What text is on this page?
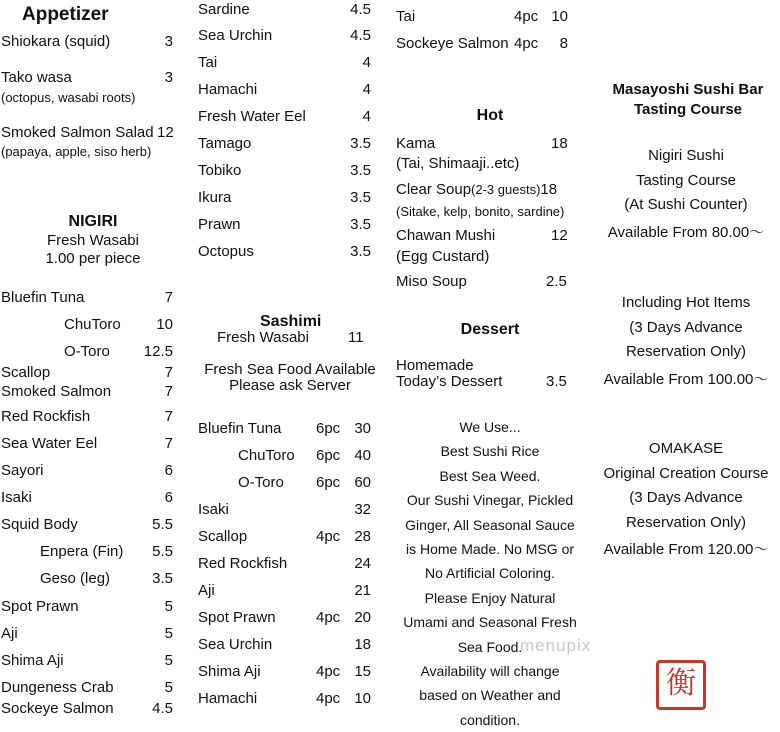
Appetizer
Shiokara (squid)	3
Tako wasa	3
(octopus, wasabi roots)
Smoked Salmon Salad 12
(papaya, apple, siso herb)
NIGIRI
Fresh Wasabi
1.00 per piece
Bluefin Tuna	7
ChuToro	10
O-Toro	12.5
Scallop	7
Smoked Salmon	7
Red Rockfish	7
Sea Water Eel	7
Sayori	6
Isaki	6
Squid Body	5.5
Enpera (Fin)	5.5
Geso (leg)	3.5
Spot Prawn	5
Aji	5
Shima Aji	5
Dungeness Crab	5
Sockeye Salmon	4.5
Sardine	4.5
Sea Urchin	4.5
Tai	4
Hamachi	4
Fresh Water Eel	4
Tamago	3.5
Tobiko	3.5
Ikura	3.5
Prawn	3.5
Octopus	3.5
Sashimi
Fresh Wasabi	11
Fresh Sea Food Available
Please ask Server
Bluefin Tuna 6pc 30
ChuToro 6pc 40
O-Toro 6pc 60
Isaki	32
Scallop	4pc 28
Red Rockfish	24
Aji	21
Spot Prawn	4pc 20
Sea Urchin	18
Shima Aji	4pc 15
Hamachi	4pc 10
Tai	4pc 10
Sockeye Salmon 4pc	8
Hot
Kama	18
(Tai, Shimaaji..etc)
Clear Soup(2-3 guests)18
(Sitake, kelp, bonito, sardine)
Chawan Mushi	12
(Egg Custard)
Miso Soup	2.5
Dessert
Homemade
Today’s Dessert	3.5
We Use...
Best Sushi Rice
Best Sea Weed.
Our Sushi Vinegar, Pickled
Ginger, All Seasonal Sauce
is Home Made. No MSG or
No Artificial Coloring.
Please Enjoy Natural
Umami and Seasonal Fresh
Sea Food.
Availability will change
based on Weather and
condition.
Masayoshi Sushi Bar
Tasting Course
Nigiri Sushi
Tasting Course
(At Sushi Counter)
Available From 80.00～
Including Hot Items
(3 Days Advance
Reservation Only)
Available From 100.00～
OMAKASE
Original Creation Course
(3 Days Advance
Reservation Only)
Available From 120.00～
menupix
衡
